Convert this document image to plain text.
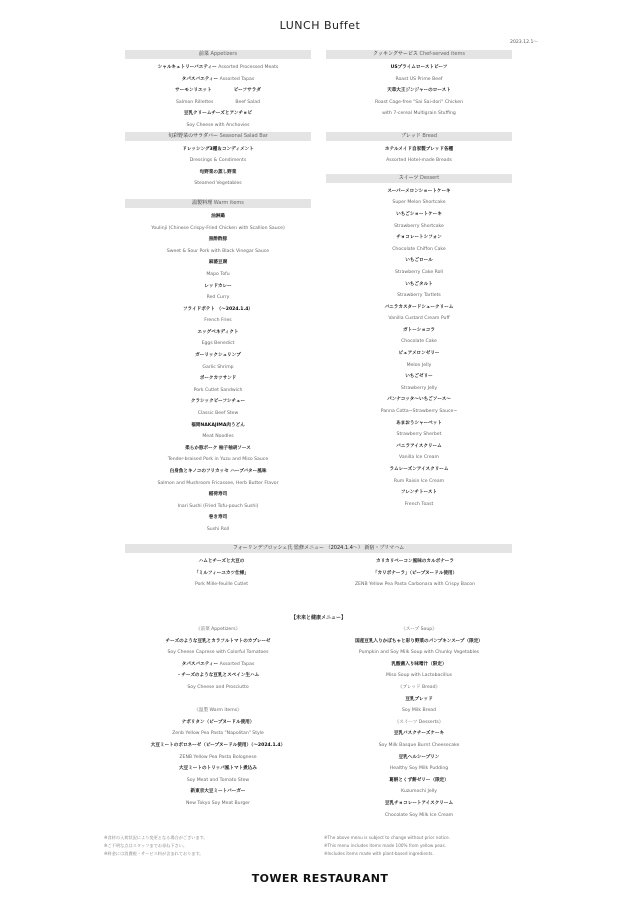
LUNCH Buffet
2023.12.1～
前菜 Appetizers
シャルキュトリーバエティー Assorted Processed Meats
タパスバエティー Assorted Tapas
サーモンリエット	ビーフサラダ
Salmon Rillettes	Beef Salad
豆乳クリームチーズとアンチョビ
Soy Cheese with Anchovies
旬彩野菜のサラダバー Seasonal Salad Bar
ドレッシング3種＆コンディメント
Dressings & Condiments
旬野菜の蒸し野菜
Steamed Vegetables
温製料理 Warm items
油淋鶏
Youlinji (Chinese Crispy-Fried Chicken with Scallion Sauce)
黒酢酢豚
Sweet & Sour Pork with Black Vinegar Sauce
麻婆豆腐
Mapo Tofu
レッドカレー
Red Curry
フライドポテト （～2024.1.4）
French Fries
エッグベネディクト
Eggs Benedict
ガーリックシュリンプ
Garlic Shrimp
ポークカツサンド
Pork Cutlet Sandwich
クラシックビーフシチュー
Classic Beef Stew
福岡NAKAJIMA肉うどん
Meat Noodles
柔らか豚ポーク 柚子柚胡ソース
Tender-braised Pork in Yuzu and Miso Sauce
白身魚とキノコのフリカッセ ハーブバター風味
Salmon and Mushroom Fricassee, Herb Butter Flavor
稲荷寿司
Inari Sushi (Fried Tofu-pouch Sushi)
巻き寿司
Sushi Roll
クッキングサービス Chef-served items
USプライムローストビーフ
Roast US Prime Beef
天草大王ジンジャーのロースト
Roast Cage-free "Sai Sai-dori" Chicken
with 7-cereal Multigrain Stuffing
ブレッド Bread
ホテルメイド自家製ブレッド各種
Assorted Hotel-made Breads
スイーツ Dessert
スーパーメロンショートケーキ
Super Melon Shortcake
いちごショートケーキ
Strawberry Shortcake
チョコレートシフォン
Chocolate Chiffon Cake
いちごロール
Strawberry Cake Roll
いちごタルト
Strawberry Tartlets
バニラカスタードシュークリーム
Vanilla Custard Cream Puff
ガトーショコラ
Chocolate Cake
ピュアメロンゼリー
Melon Jelly
いちごゼリー
Strawberry Jelly
パンナコッタ～いちごソース～
Panna Cotta~Strawberry Sauce~
あまおうシャーベット
Strawberry Sherbet
バニラアイスクリーム
Vanilla Ice Cream
ラムレーズンアイスクリーム
Rum Raisin Ice Cream
フレンチトースト
French Toast
フォーリンデブロッシェ氏 監修メニュー （2024.1.4～） 新宿・プリマハム
ハムとチーズと大豆の
「ミルフィーユカツ仕様」
Pork Mille-feuille Cutlet
カリカリベーコン風味のカルボナーラ
「カリボナーラ」（ピープヌードル使用）
ZENB Yellow Pea Pasta Carbonara with Crispy Bacon
【未来と健康メニュー】
《前菜 Appetizers》
チーズのような豆乳とカラフルトマトのカプレーゼ
Soy Cheese Caprese with Colorful Tomatoes
タパスバエティー Assorted Tapas
・チーズのような豆乳とスペイン生ハム
Soy Cheese and Prosciutto
《温製 Warm items》
ナポリタン（ピープヌードル使用）
Zenb Yellow Pea Pasta "Napolitan" Style
大豆ミートのボロネーゼ（ピープヌードル使用）（～2024.1.4）
ZENB Yellow Pea Pasta Bolognese
大豆ミートのトリッパ風トマト煮込み
Soy Meat and Tomato Stew
新東京大豆ミートバーガー
New Tokyo Soy Meat Burger
《スープ Soup》
国産豆乳入りかぼちゃと彩り野菜のパンプキンスープ（限定）
Pumpkin and Soy Milk Soup with Chunky Vegetables
乳酸菌入り味噌汁（限定）
Miso Soup with Lactobacillus
《ブレッド Bread》
豆乳ブレッド
Soy Milk Bread
《スイーツ Desserts》
豆乳バスクチーズケーキ
Soy Milk Basque Burnt Cheesecake
豆乳ヘルシープリン
Healthy Soy Milk Pudding
葛餅とくず餅ゼリー（限定）
Kuzumochi Jelly
豆乳チョコレートアイスクリーム
Chocolate Soy Milk Ice Cream
※食材の入荷状況により変更となる場合がございます。
※ご不明な点はスタッフまでお尋ね下さい。
※料金には消費税・サービス料が含まれております。
※The above menu is subject to change without prior notice.
※This menu includes items made 100% from yellow peas.
※Includes items made with plant-based ingredients.
TOWER RESTAURANT
